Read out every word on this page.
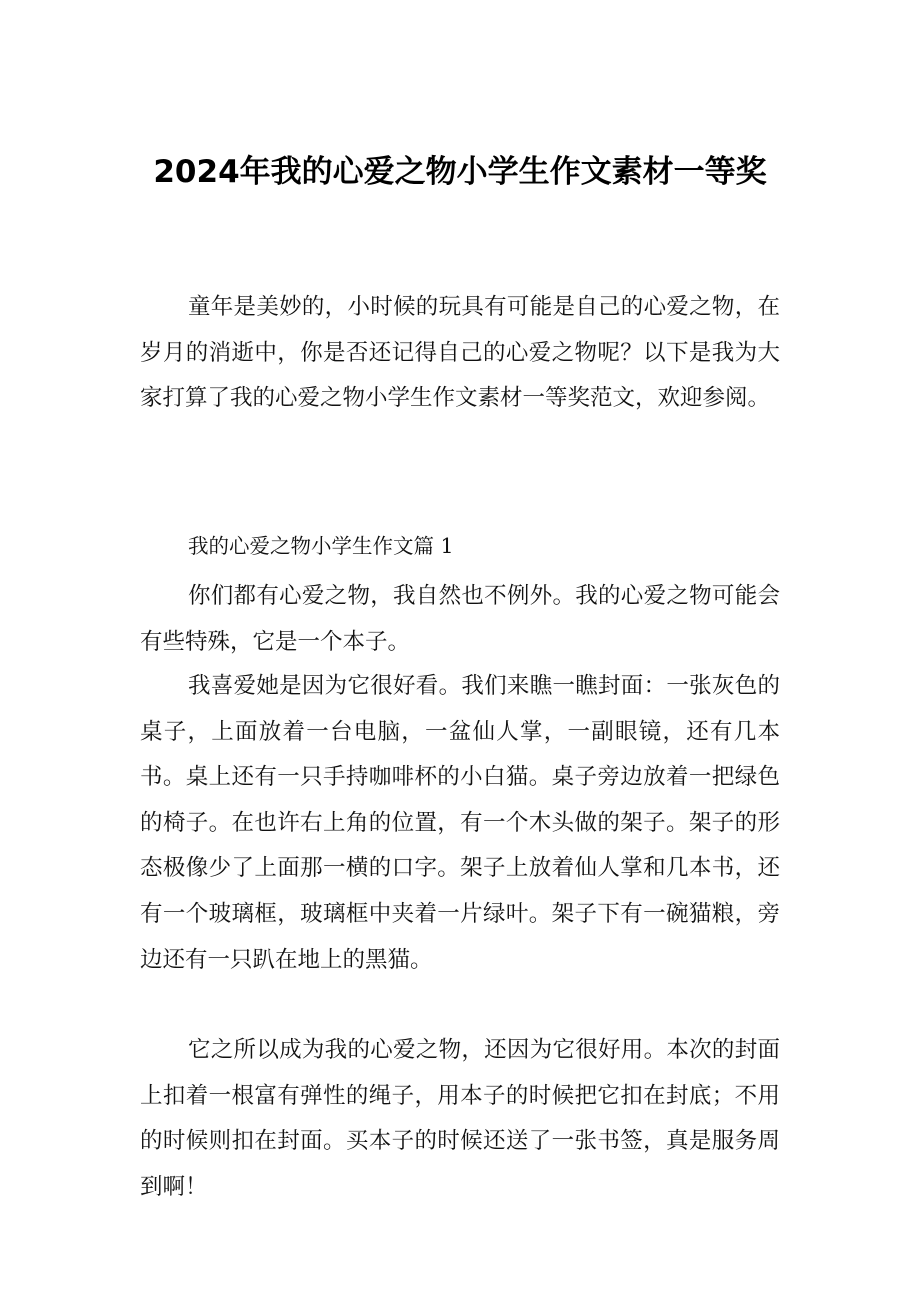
2024年我的心爱之物小学生作文素材一等奖

童年是美妙的，小时候的玩具有可能是自己的心爱之物，在岁月的消逝中，你是否还记得自己的心爱之物呢？以下是我为大家打算了我的心爱之物小学生作文素材一等奖范文，欢迎参阅。

我的心爱之物小学生作文篇 1

你们都有心爱之物，我自然也不例外。我的心爱之物可能会有些特殊，它是一个本子。

我喜爱她是因为它很好看。我们来瞧一瞧封面：一张灰色的桌子，上面放着一台电脑，一盆仙人掌，一副眼镜，还有几本书。桌上还有一只手持咖啡杯的小白猫。桌子旁边放着一把绿色的椅子。在也许右上角的位置，有一个木头做的架子。架子的形态极像少了上面那一横的口字。架子上放着仙人掌和几本书，还有一个玻璃框，玻璃框中夹着一片绿叶。架子下有一碗猫粮，旁边还有一只趴在地上的黑猫。

它之所以成为我的心爱之物，还因为它很好用。本次的封面上扣着一根富有弹性的绳子，用本子的时候把它扣在封底；不用的时候则扣在封面。买本子的时候还送了一张书签，真是服务周到啊！
